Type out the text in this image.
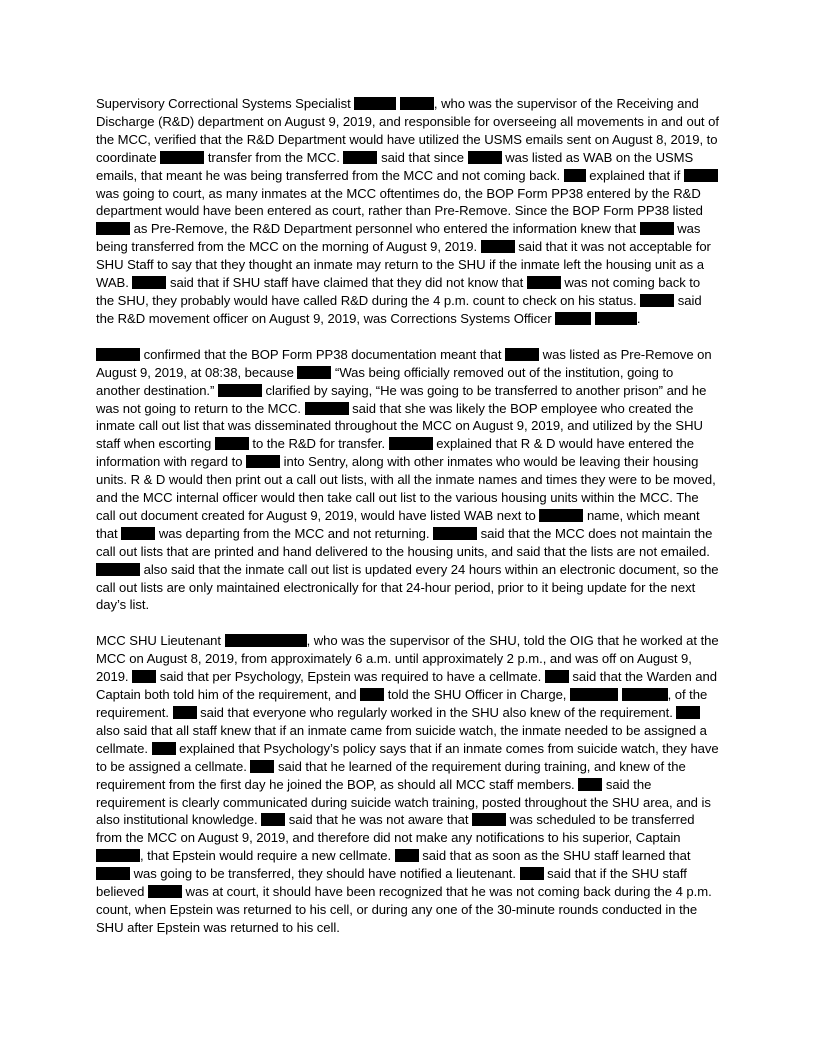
Supervisory Correctional Systems Specialist	, who was the supervisor of the Receiving and Discharge (R&D) department on August 9, 2019, and responsible for overseeing all movements in and out of the MCC, verified that the R&D Department would have utilized the USMS emails sent on August 8, 2019, to coordinate	transfer from the MCC.	said that since	was listed as WAB on the USMS emails, that meant he was being transferred from the MCC and not coming back.  explained that if  was going to court, as many inmates at the MCC oftentimes do, the BOP Form PP38 entered by the R&D department would have been entered as court, rather than Pre-Remove. Since the BOP Form PP38 listed  as Pre-Remove, the R&D Department personnel who entered the information knew that	was being transferred from the MCC on the morning of August 9, 2019.	said that it was not acceptable for SHU Staff to say that they thought an inmate may return to the SHU if the inmate left the housing unit as a WAB.	said that if SHU staff have claimed that they did not know that	was not coming back to the SHU, they probably would have called R&D during the 4 p.m. count to check on his status.	said the R&D movement officer on August 9, 2019, was Corrections Systems Officer	.

confirmed that the BOP Form PP38 documentation meant that	was listed as Pre-Remove on August 9, 2019, at 08:38, because	“Was being officially removed out of the institution, going to another destination.”	clarified by saying, “He was going to be transferred to another prison” and he was not going to return to the MCC.	said that she was likely the BOP employee who created the inmate call out list that was disseminated throughout the MCC on August 9, 2019, and utilized by the SHU staff when escorting	to the R&D for transfer.	explained that R & D would have entered the information with regard to	into Sentry, along with other inmates who would be leaving their housing units. R & D would then print out a call out lists, with all the inmate names and times they were to be moved, and the MCC internal officer would then take call out list to the various housing units within the MCC. The call out document created for August 9, 2019, would have listed WAB next to	name, which meant that	was departing from the MCC and not returning.	said that the MCC does not maintain the call out lists that are printed and hand delivered to the housing units, and said that the lists are not emailed.  also said that the inmate call out list is updated every 24 hours within an electronic document, so the call out lists are only maintained electronically for that 24-hour period, prior to it being update for the next day’s list.

MCC SHU Lieutenant	, who was the supervisor of the SHU, told the OIG that he worked at the MCC on August 8, 2019, from approximately 6 a.m. until approximately 2 p.m., and was off on August 9, 2019.  said that per Psychology, Epstein was required to have a cellmate.  said that the Warden and Captain both told him of the requirement, and  told the SHU Officer in Charge,	, of the requirement.  said that everyone who regularly worked in the SHU also knew of the requirement.  also said that all staff knew that if an inmate came from suicide watch, the inmate needed to be assigned a cellmate.  explained that Psychology’s policy says that if an inmate comes from suicide watch, they have to be assigned a cellmate.  said that he learned of the requirement during training, and knew of the requirement from the first day he joined the BOP, as should all MCC staff members.  said the requirement is clearly communicated during suicide watch training, posted throughout the SHU area, and is also institutional knowledge.  said that he was not aware that	was scheduled to be transferred from the MCC on August 9, 2019, and therefore did not make any notifications to his superior, Captain , that Epstein would require a new cellmate.  said that as soon as the SHU staff learned that  was going to be transferred, they should have notified a lieutenant.  said that if the SHU staff believed	was at court, it should have been recognized that he was not coming back during the 4 p.m. count, when Epstein was returned to his cell, or during any one of the 30-minute rounds conducted in the SHU after Epstein was returned to his cell.
